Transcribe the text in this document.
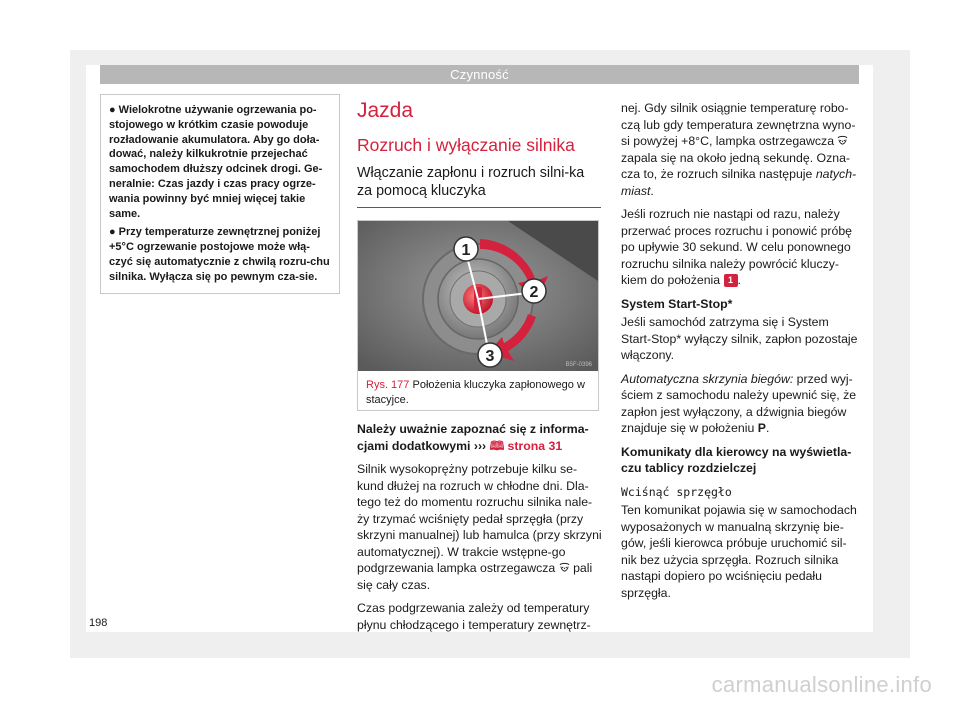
Czynność

● Wielokrotne używanie ogrzewania po-stojowego w krótkim czasie powoduje rozładowanie akumulatora. Aby go doła-dować, należy kilkukrotnie przejechać samochodem dłuższy odcinek drogi. Ge-neralnie: Czas jazdy i czas pracy ogrze-wania powinny być mniej więcej takie same.

● Przy temperaturze zewnętrznej poniżej +5°C ogrzewanie postojowe może włą-czyć się automatycznie z chwilą rozru-chu silnika. Wyłącza się po pewnym cza-sie.

Jazda
Rozruch i wyłączanie silnika
Włączanie zapłonu i rozruch silni-ka za pomocą kluczyka
1
2
3	B5F-0396
Rys. 177 Położenia kluczyka zapłonowego w stacyjce.

Należy uważnie zapoznać się z informa-cjami dodatkowymi ››› 🕮 strona 31

Silnik wysokoprężny potrzebuje kilku se-kund dłużej na rozruch w chłodne dni. Dla-tego też do momentu rozruchu silnika nale-ży trzymać wciśnięty pedał sprzęgła (przy skrzyni manualnej) lub hamulca (przy skrzyni automatycznej). W trakcie wstępne-go podgrzewania lampka ostrzegawcza pali się cały czas.

Czas podgrzewania zależy od temperatury płynu chłodzącego i temperatury zewnętrz-

nej. Gdy silnik osiągnie temperaturę robo-czą lub gdy temperatura zewnętrzna wyno-si powyżej +8°C, lampka ostrzegawcza  zapala się na około jedną sekundę. Ozna-cza to, że rozruch silnika następuje natych-miast.

Jeśli rozruch nie nastąpi od razu, należy przerwać proces rozruchu i ponowić próbę po upływie 30 sekund. W celu ponownego rozruchu silnika należy powrócić kluczy-kiem do położenia 1 .

System Start-Stop*

Jeśli samochód zatrzyma się i System Start-Stop* wyłączy silnik, zapłon pozostaje włączony.

Automatyczna skrzynia biegów: przed wyj-ściem z samochodu należy upewnić się, że zapłon jest wyłączony, a dźwignia biegów znajduje się w położeniu P.

Komunikaty dla kierowcy na wyświetla-czu tablicy rozdzielczej

Wciśnąć sprzęgło

Ten komunikat pojawia się w samochodach wyposażonych w manualną skrzynię bie-gów, jeśli kierowca próbuje uruchomić sil-nik bez użycia sprzęgła. Rozruch silnika nastąpi dopiero po wciśnięciu pedału sprzęgła.

198
carmanualsonline.info
